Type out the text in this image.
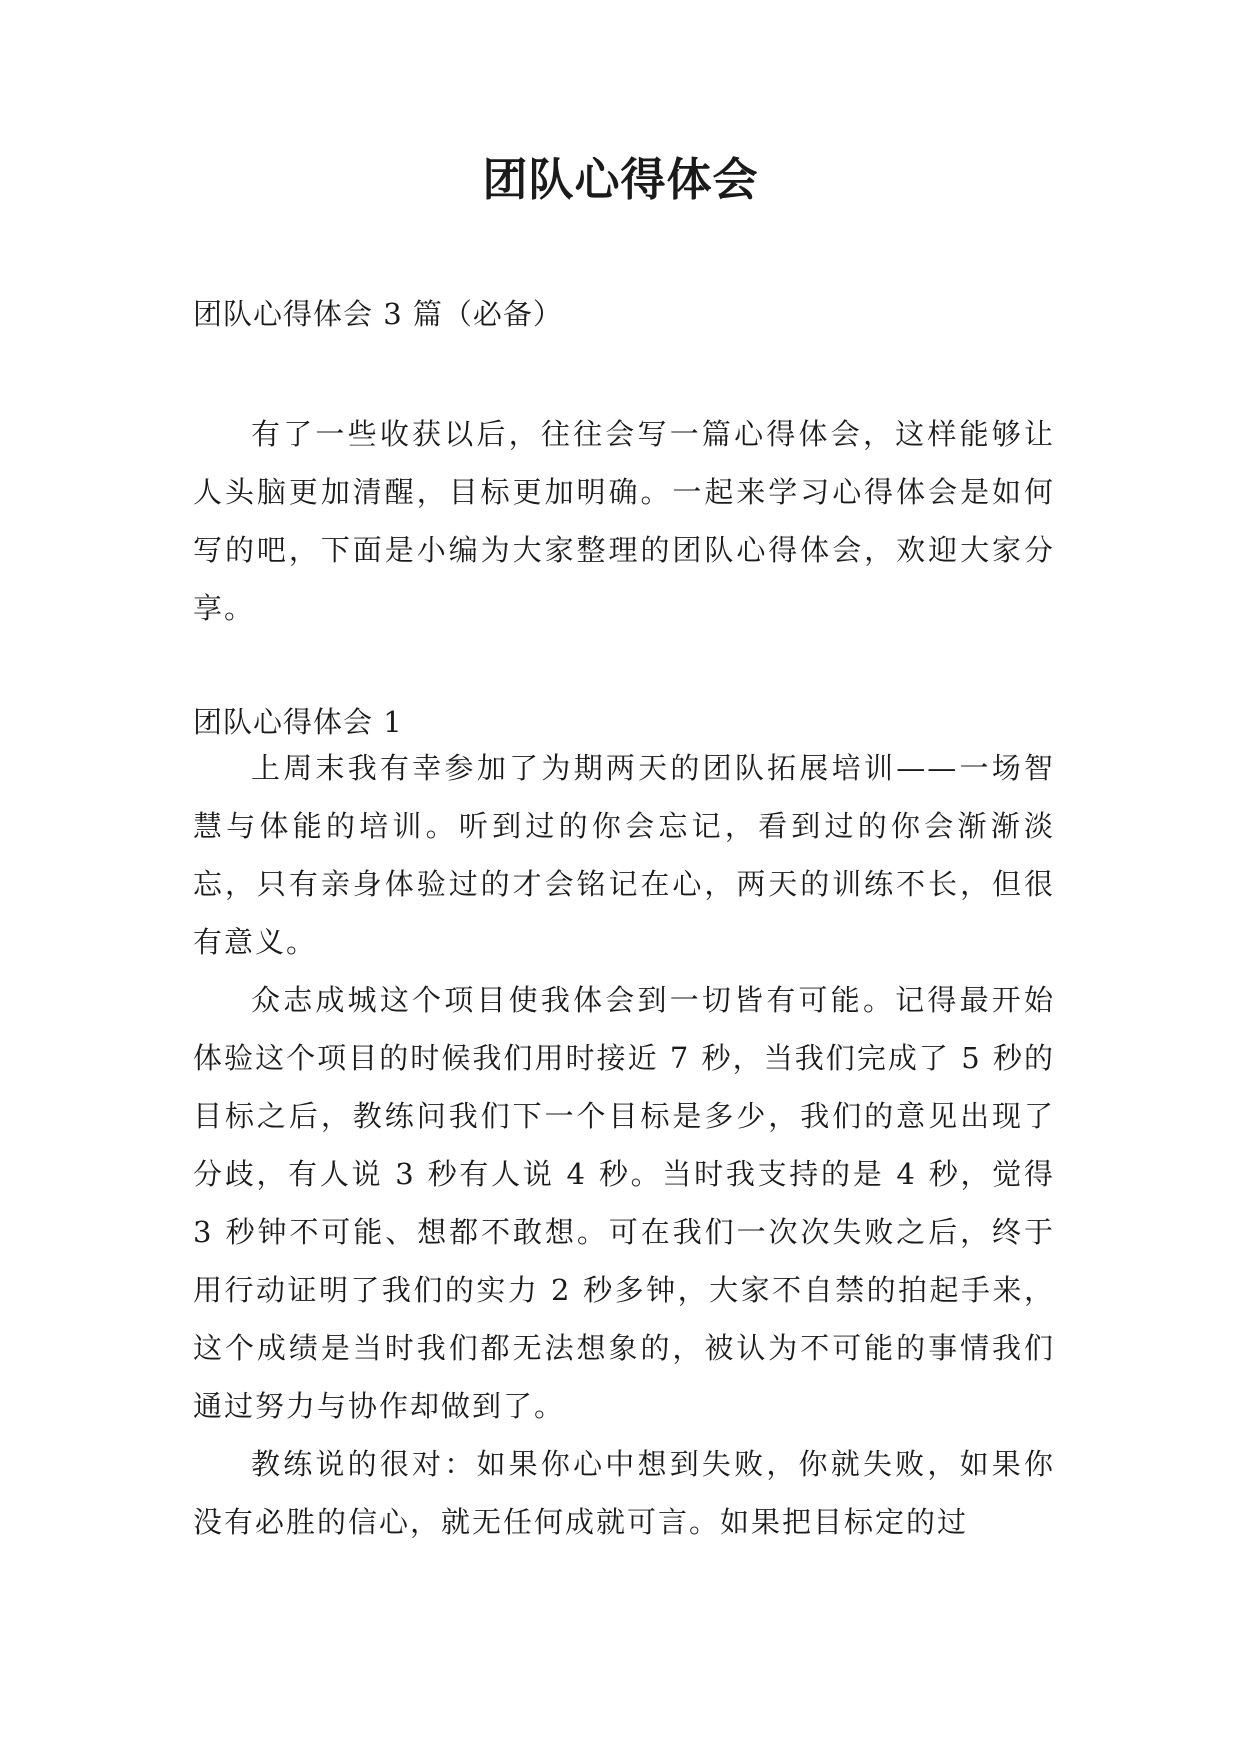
团队心得体会

团队心得体会 3 篇（必备）

有了一些收获以后，往往会写一篇心得体会，这样能够让人头脑更加清醒，目标更加明确。一起来学习心得体会是如何写的吧，下面是小编为大家整理的团队心得体会，欢迎大家分享。

团队心得体会 1

上周末我有幸参加了为期两天的团队拓展培训——一场智慧与体能的培训。听到过的你会忘记，看到过的你会渐渐淡忘，只有亲身体验过的才会铭记在心，两天的训练不长，但很有意义。

众志成城这个项目使我体会到一切皆有可能。记得最开始体验这个项目的时候我们用时接近 7 秒，当我们完成了 5 秒的目标之后，教练问我们下一个目标是多少，我们的意见出现了分歧，有人说 3 秒有人说 4 秒。当时我支持的是 4 秒，觉得 3 秒钟不可能、想都不敢想。可在我们一次次失败之后，终于用行动证明了我们的实力 2 秒多钟，大家不自禁的拍起手来，这个成绩是当时我们都无法想象的，被认为不可能的事情我们通过努力与协作却做到了。

教练说的很对：如果你心中想到失败，你就失败，如果你没有必胜的信心，就无任何成就可言。如果把目标定的过
